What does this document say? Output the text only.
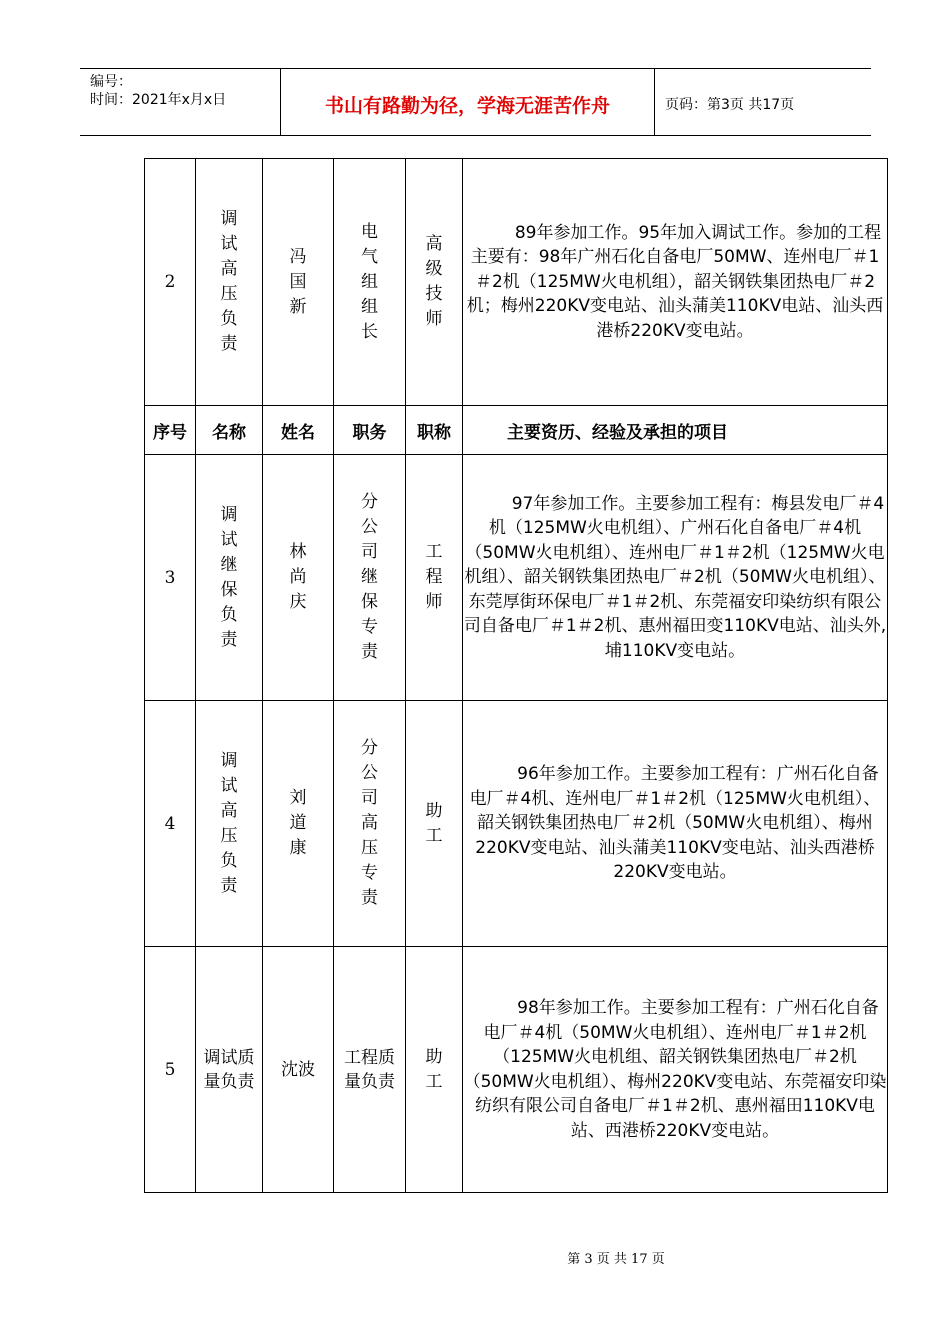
编号：
时间：2021年x月x日	书山有路勤为径，学海无涯苦作舟	页码：第3页 共17页
2	调试高压负责	冯国新	电气组组长	高级技师	89年参加工作。95年加入调试工作。参加的工程主要有：98年广州石化自备电厂50MW、连州电厂＃1＃2机（125MW火电机组），韶关钢铁集团热电厂＃2机；梅州220KV变电站、汕头蒲美110KV电站、汕头西港桥220KV变电站。

序号	名称	姓名	职务	职称	主要资历、经验及承担的项目
3	调试继保负责	林尚庆	分公司继保专责	工程师	97年参加工作。主要参加工程有：梅县发电厂＃4机（125MW火电机组）、广州石化自备电厂＃4机（50MW火电机组）、连州电厂＃1＃2机（125MW火电机组）、韶关钢铁集团热电厂＃2机（50MW火电机组）、东莞厚街环保电厂＃1＃2机、东莞福安印染纺织有限公司自备电厂＃1＃2机、惠州福田变110KV电站、汕头外,埔110KV变电站。

4	调试高压负责	刘道康	分公司高压专责	助工	96年参加工作。主要参加工程有：广州石化自备电厂＃4机、连州电厂＃1＃2机（125MW火电机组）、韶关钢铁集团热电厂＃2机（50MW火电机组）、梅州220KV变电站、汕头蒲美110KV变电站、汕头西港桥220KV变电站。

5	调试质量负责	沈波	工程质量负责	助工	98年参加工作。主要参加工程有：广州石化自备电厂＃4机（50MW火电机组）、连州电厂＃1＃2机（125MW火电机组、韶关钢铁集团热电厂＃2机（50MW火电机组）、梅州220KV变电站、东莞福安印染纺织有限公司自备电厂＃1＃2机、惠州福田110KV电站、西港桥220KV变电站。
第 3 页 共 17 页
